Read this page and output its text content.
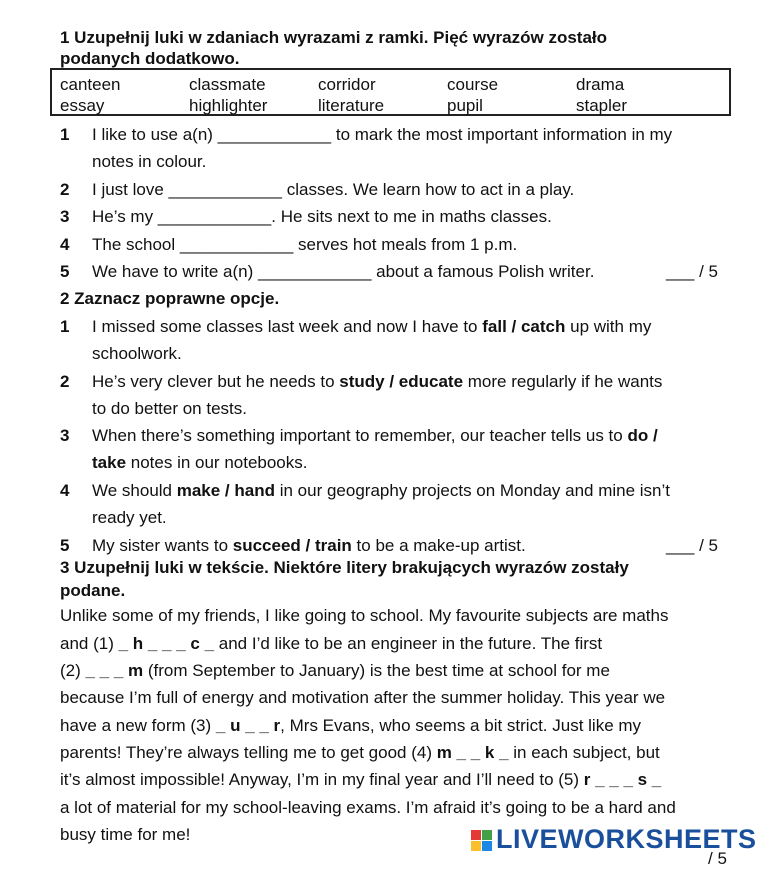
1 Uzupełnij luki w zdaniach wyrazami z ramki. Pięć wyrazów zostało
podanych dodatkowo.
canteen	classmate	corridor	course	drama
essay	highlighter	literature	pupil	stapler
1 I like to use a(n) ____________ to mark the most important information in my
notes in colour.
2 I just love ____________ classes. We learn how to act in a play.
3 He’s my ____________. He sits next to me in maths classes.
4 The school ____________ serves hot meals from 1 p.m.
5 We have to write a(n) ____________ about a famous Polish writer.	___ / 5
2 Zaznacz poprawne opcje.
1 I missed some classes last week and now I have to fall / catch up with my
schoolwork.
2 He’s very clever but he needs to study / educate more regularly if he wants
to do better on tests.
3 When there’s something important to remember, our teacher tells us to do /
take notes in our notebooks.
4 We should make / hand in our geography projects on Monday and mine isn’t
ready yet.
5 My sister wants to succeed / train to be a make-up artist.	___ / 5
3 Uzupełnij luki w tekście. Niektóre litery brakujących wyrazów zostały
podane.
Unlike some of my friends, I like going to school. My favourite subjects are maths
and (1) _ h _ _ _ c _ and I’d like to be an engineer in the future. The first
(2) _ _ _ m (from September to January) is the best time at school for me
because I’m full of energy and motivation after the summer holiday. This year we
have a new form (3) _ u _ _ r, Mrs Evans, who seems a bit strict. Just like my
parents! They’re always telling me to get good (4) m _ _ k _ in each subject, but
it’s almost impossible! Anyway, I’m in my final year and I’ll need to (5) r _ _ _ s _
a lot of material for my school-leaving exams. I’m afraid it’s going to be a hard and
busy time for me!
/ 5
LIVEWORKSHEETS
